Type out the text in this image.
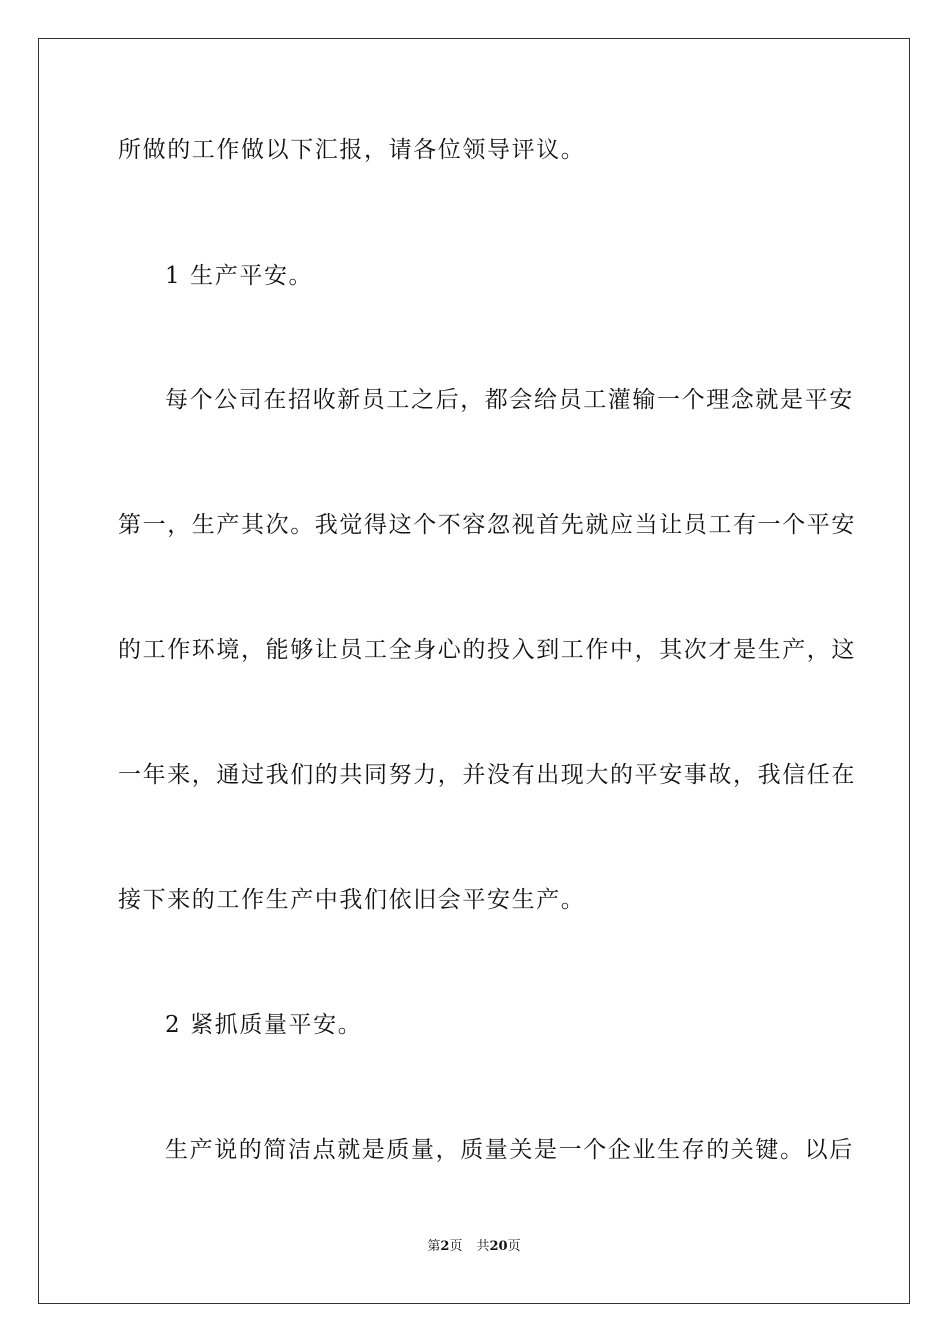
所做的工作做以下汇报，请各位领导评议。
1 生产平安。
每个公司在招收新员工之后，都会给员工灌输一个理念就是平安
第一，生产其次。我觉得这个不容忽视首先就应当让员工有一个平安
的工作环境，能够让员工全身心的投入到工作中，其次才是生产，这
一年来，通过我们的共同努力，并没有出现大的平安事故，我信任在
接下来的工作生产中我们依旧会平安生产。
2 紧抓质量平安。
生产说的简洁点就是质量，质量关是一个企业生存的关键。以后
第2页 共20页
